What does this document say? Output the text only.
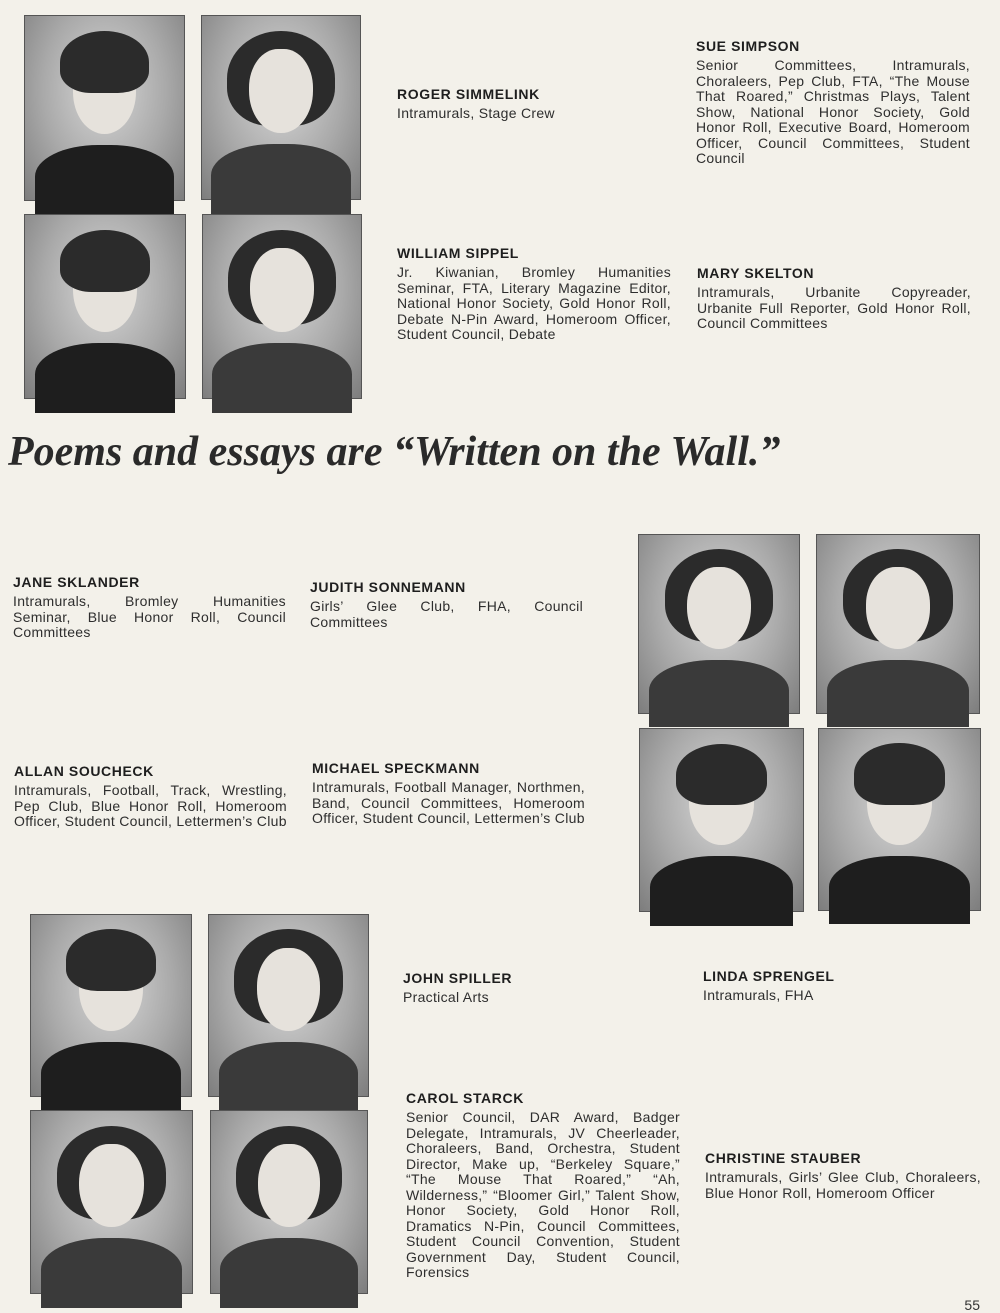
ROGER SIMMELINK

Intramurals, Stage Crew

SUE SIMPSON

Senior Committees, Intramurals, Choraleers, Pep Club, FTA, “The Mouse That Roared,” Christmas Plays, Talent Show, National Honor Society, Gold Honor Roll, Executive Board, Homeroom Officer, Council Committees, Student Council

WILLIAM SIPPEL

Jr. Kiwanian, Bromley Humanities Seminar, FTA, Literary Magazine Editor, National Honor Society, Gold Honor Roll, Debate N-Pin Award, Homeroom Officer, Student Council, Debate

MARY SKELTON

Intramurals, Urbanite Copyreader, Urbanite Full Reporter, Gold Honor Roll, Council Committees

Poems and essays are “Written on the Wall.”

JANE SKLANDER

Intramurals, Bromley Humanities Seminar, Blue Honor Roll, Council Committees

JUDITH SONNEMANN

Girls’ Glee Club, FHA, Council Committees

ALLAN SOUCHECK

Intramurals, Football, Track, Wrestling, Pep Club, Blue Honor Roll, Homeroom Officer, Student Council, Lettermen’s Club

MICHAEL SPECKMANN

Intramurals, Football Manager, Northmen, Band, Council Committees, Homeroom Officer, Student Council, Lettermen’s Club

JOHN SPILLER

Practical Arts

LINDA SPRENGEL

Intramurals, FHA

CAROL STARCK

Senior Council, DAR Award, Badger Delegate, Intramurals, JV Cheerleader, Choraleers, Band, Orchestra, Student Director, Make up, “Berkeley Square,” “The Mouse That Roared,” “Ah, Wilderness,” “Bloomer Girl,” Talent Show, Honor Society, Gold Honor Roll, Dramatics N-Pin, Council Committees, Student Council Convention, Student Government Day, Student Council, Forensics

CHRISTINE STAUBER

Intramurals, Girls’ Glee Club, Choraleers, Blue Honor Roll, Homeroom Officer

55
